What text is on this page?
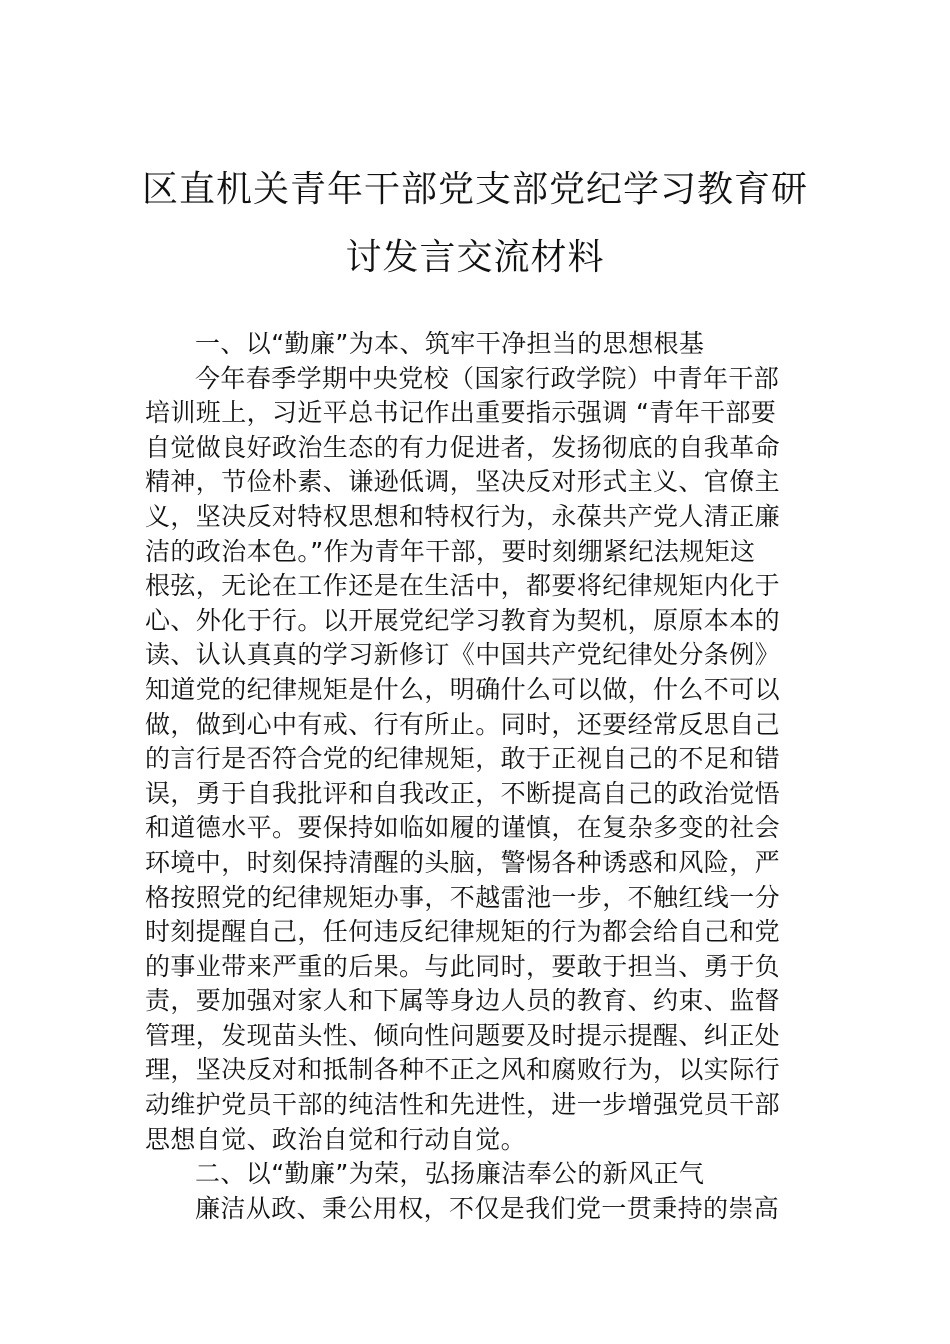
区直机关青年干部党支部党纪学习教育研
讨发言交流材料
一、以“勤廉”为本、筑牢干净担当的思想根基
今年春季学期中央党校（国家行政学院）中青年干部
培训班上，习近平总书记作出重要指示强调 “青年干部要
自觉做良好政治生态的有力促进者，发扬彻底的自我革命
精神，节俭朴素、谦逊低调，坚决反对形式主义、官僚主
义，坚决反对特权思想和特权行为，永葆共产党人清正廉
洁的政治本色。”作为青年干部，要时刻绷紧纪法规矩这
根弦，无论在工作还是在生活中，都要将纪律规矩内化于
心、外化于行。以开展党纪学习教育为契机，原原本本的
读、认认真真的学习新修订《中国共产党纪律处分条例》
知道党的纪律规矩是什么，明确什么可以做，什么不可以
做，做到心中有戒、行有所止。同时，还要经常反思自己
的言行是否符合党的纪律规矩，敢于正视自己的不足和错
误，勇于自我批评和自我改正，不断提高自己的政治觉悟
和道德水平。要保持如临如履的谨慎，在复杂多变的社会
环境中，时刻保持清醒的头脑，警惕各种诱惑和风险，严
格按照党的纪律规矩办事，不越雷池一步，不触红线一分
时刻提醒自己，任何违反纪律规矩的行为都会给自己和党
的事业带来严重的后果。与此同时，要敢于担当、勇于负
责，要加强对家人和下属等身边人员的教育、约束、监督
管理，发现苗头性、倾向性问题要及时提示提醒、纠正处
理，坚决反对和抵制各种不正之风和腐败行为，以实际行
动维护党员干部的纯洁性和先进性，进一步增强党员干部
思想自觉、政治自觉和行动自觉。
二、以“勤廉”为荣，弘扬廉洁奉公的新风正气
廉洁从政、秉公用权，不仅是我们党一贯秉持的崇高
